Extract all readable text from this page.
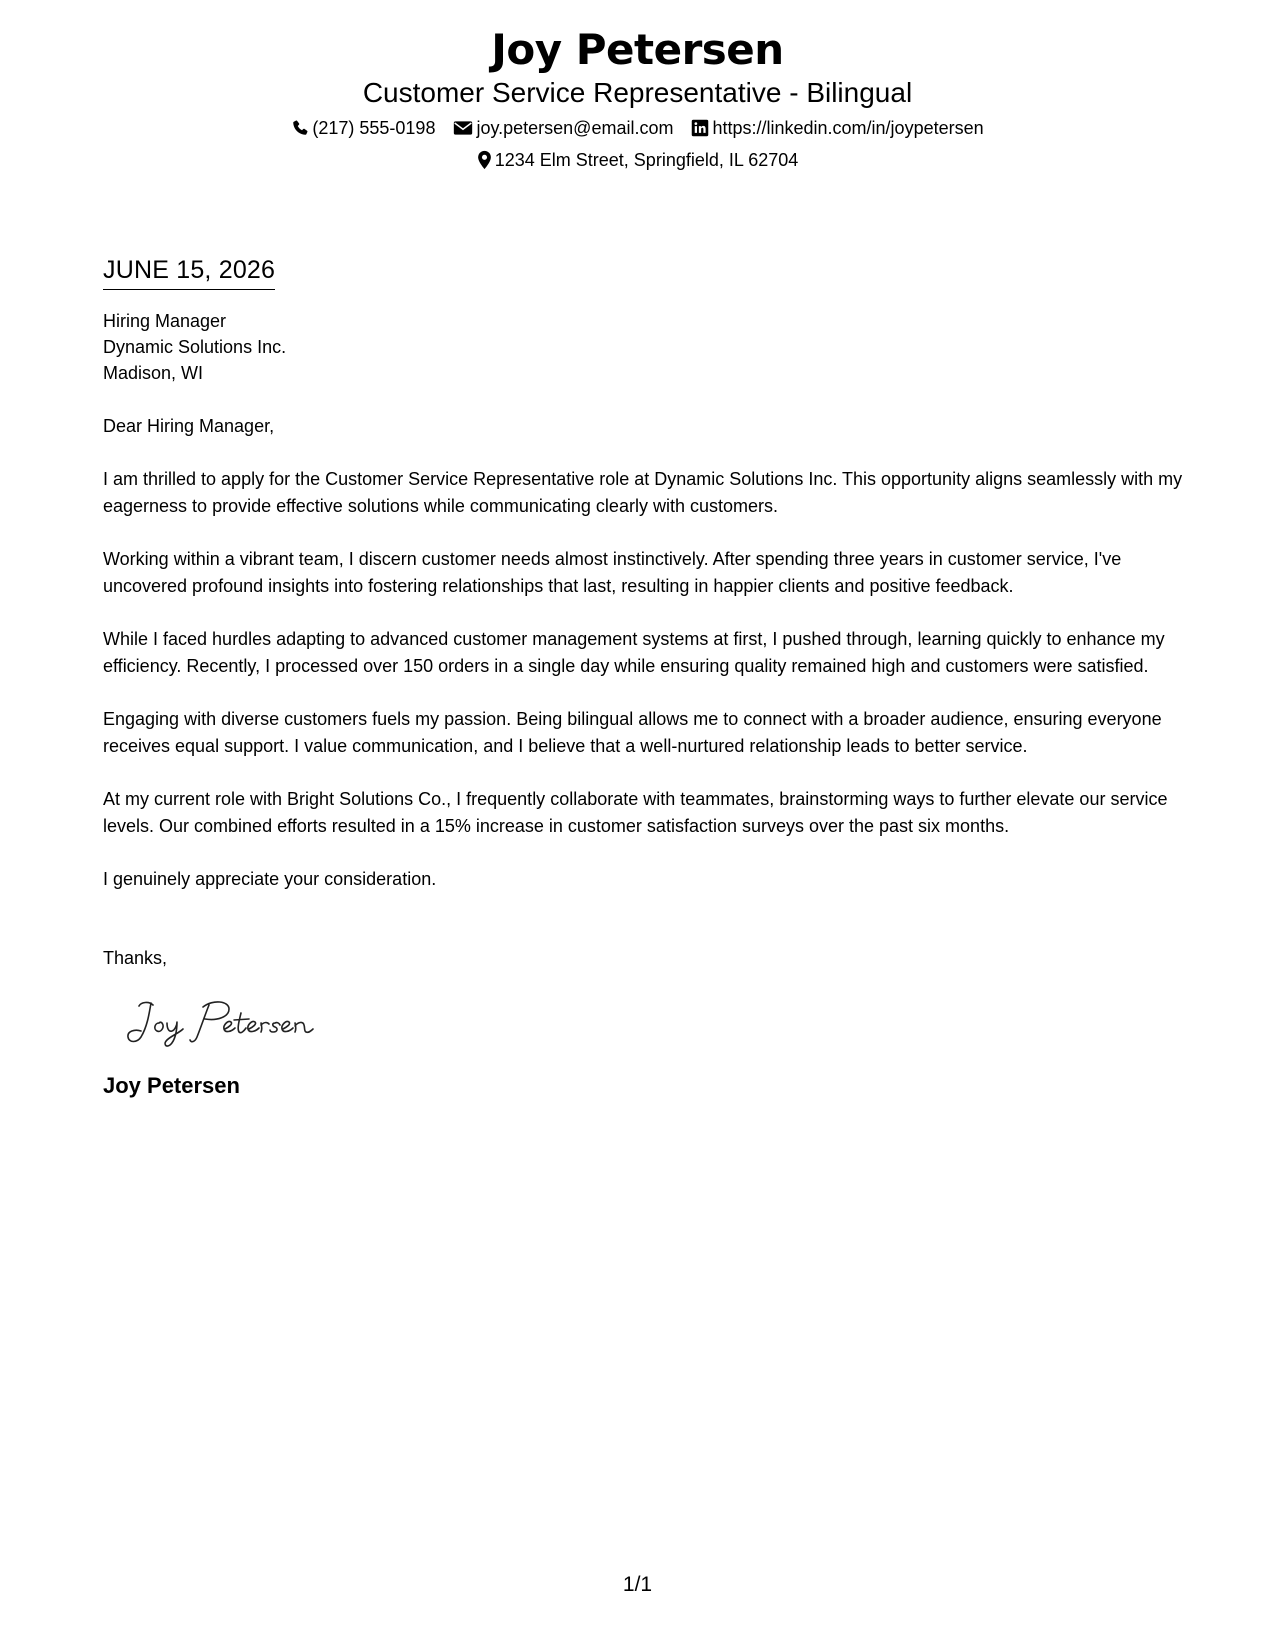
Joy Petersen
Customer Service Representative - Bilingual
(217) 555-0198 joy.petersen@email.com https://linkedin.com/in/joypetersen
1234 Elm Street, Springfield, IL 62704
JUNE 15, 2026
Hiring Manager
Dynamic Solutions Inc.
Madison, WI
Dear Hiring Manager,
I am thrilled to apply for the Customer Service Representative role at Dynamic Solutions Inc. This opportunity aligns seamlessly with my eagerness to provide effective solutions while communicating clearly with customers.
Working within a vibrant team, I discern customer needs almost instinctively. After spending three years in customer service, I've uncovered profound insights into fostering relationships that last, resulting in happier clients and positive feedback.
While I faced hurdles adapting to advanced customer management systems at first, I pushed through, learning quickly to enhance my efficiency. Recently, I processed over 150 orders in a single day while ensuring quality remained high and customers were satisfied.
Engaging with diverse customers fuels my passion. Being bilingual allows me to connect with a broader audience, ensuring everyone receives equal support. I value communication, and I believe that a well-nurtured relationship leads to better service.
At my current role with Bright Solutions Co., I frequently collaborate with teammates, brainstorming ways to further elevate our service levels. Our combined efforts resulted in a 15% increase in customer satisfaction surveys over the past six months.
I genuinely appreciate your consideration.
Thanks,
Joy Petersen
1/1
